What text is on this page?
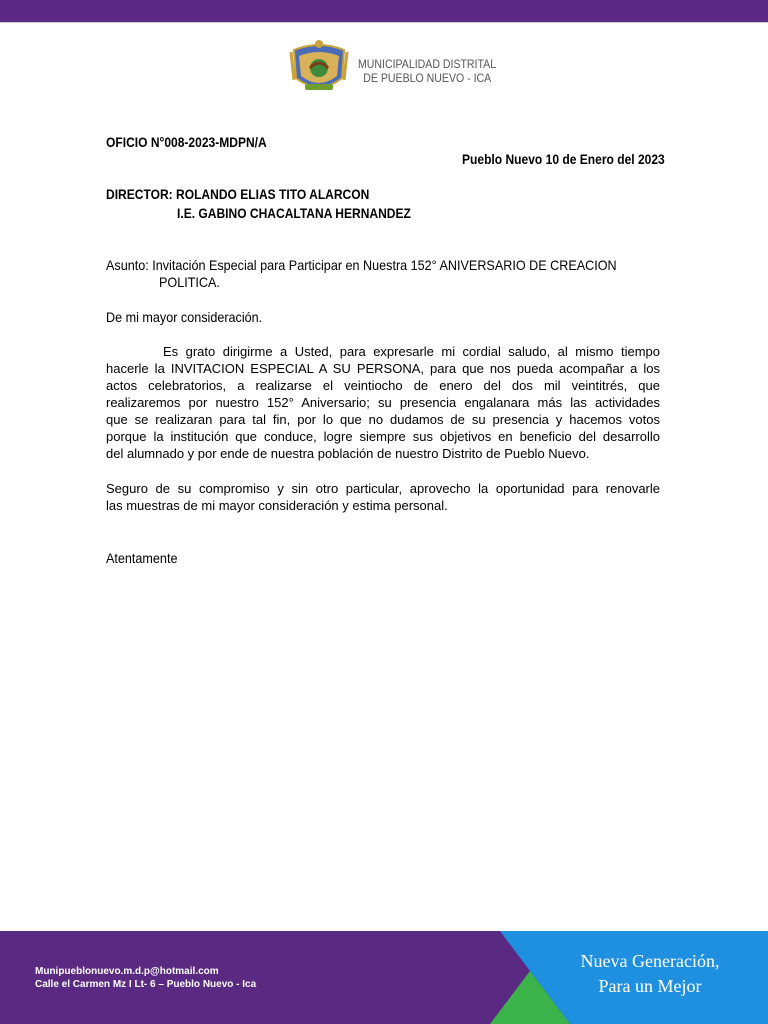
MUNICIPALIDAD DISTRITAL
DE PUEBLO NUEVO - ICA
OFICIO N°008-2023-MDPN/A
Pueblo Nuevo 10 de Enero del 2023
DIRECTOR: ROLANDO ELIAS TITO ALARCON
I.E. GABINO CHACALTANA HERNANDEZ
Asunto: Invitación Especial para Participar en Nuestra 152° ANIVERSARIO DE CREACION
POLITICA.
De mi mayor consideración.
Es grato dirigirme a Usted, para expresarle mi cordial saludo, al mismo tiempo
hacerle la INVITACION ESPECIAL A SU PERSONA, para que nos pueda acompañar a los
actos celebratorios, a realizarse el veintiocho de enero del dos mil veintitrés, que
realizaremos por nuestro 152° Aniversario; su presencia engalanara más las actividades
que se realizaran para tal fin, por lo que no dudamos de su presencia y hacemos votos
porque la institución que conduce, logre siempre sus objetivos en beneficio del desarrollo
del alumnado y por ende de nuestra población de nuestro Distrito de Pueblo Nuevo.
Seguro de su compromiso y sin otro particular, aprovecho la oportunidad para renovarle
las muestras de mi mayor consideración y estima personal.
Atentamente
Munipueblonuevo.m.d.p@hotmail.com
Calle el Carmen Mz I Lt- 6 – Pueblo Nuevo - Ica
Nueva Generación,
Para un Mejor
